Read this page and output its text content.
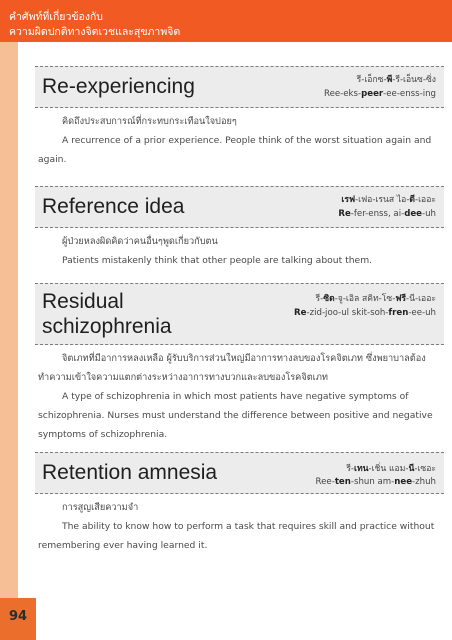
คำศัพท์ที่เกี่ยวข้องกับ
ความผิดปกติทางจิตเวชและสุขภาพจิต
94
Re-experiencing	รี-เอ็กซ-พี-รี-เอ็นซ-ซิ่ง
Ree-eks-peer-ee-enss-ing
คิดถึงประสบการณ์ที่กระทบกระเทือนใจบ่อยๆ
A recurrence of a prior experience. People think of the worst situation again and again.
Reference idea	เรฟ-เฟอ-เรนส ไอ-ดี-เออะ
Re-fer-enss, ai-dee-uh
ผู้ป่วยหลงผิดคิดว่าคนอื่นๆพูดเกี่ยวกับตน
Patients mistakenly think that other people are talking about them.
Residual
schizophrenia
รี-ซิด-จู-เอิล สคิท-โซ-ฟรี-นี-เออะ
Re-zid-joo-ul skit-soh-fren-ee-uh
จิตเภทที่มีอาการหลงเหลือ ผู้รับบริการส่วนใหญ่มีอาการทางลบของโรคจิตเภท ซึ่งพยาบาลต้องทำความเข้าใจความแตกต่างระหว่างอาการทางบวกและลบของโรคจิตเภท
A type of schizophrenia in which most patients have negative symptoms of schizophrenia. Nurses must understand the difference between positive and negative symptoms of schizophrenia.
Retention amnesia	รี-เทน-เชิ่น แอม-นี-เซอะ
Ree-ten-shun am-nee-zhuh
การสูญเสียความจำ
The ability to know how to perform a task that requires skill and practice without remembering ever having learned it.
